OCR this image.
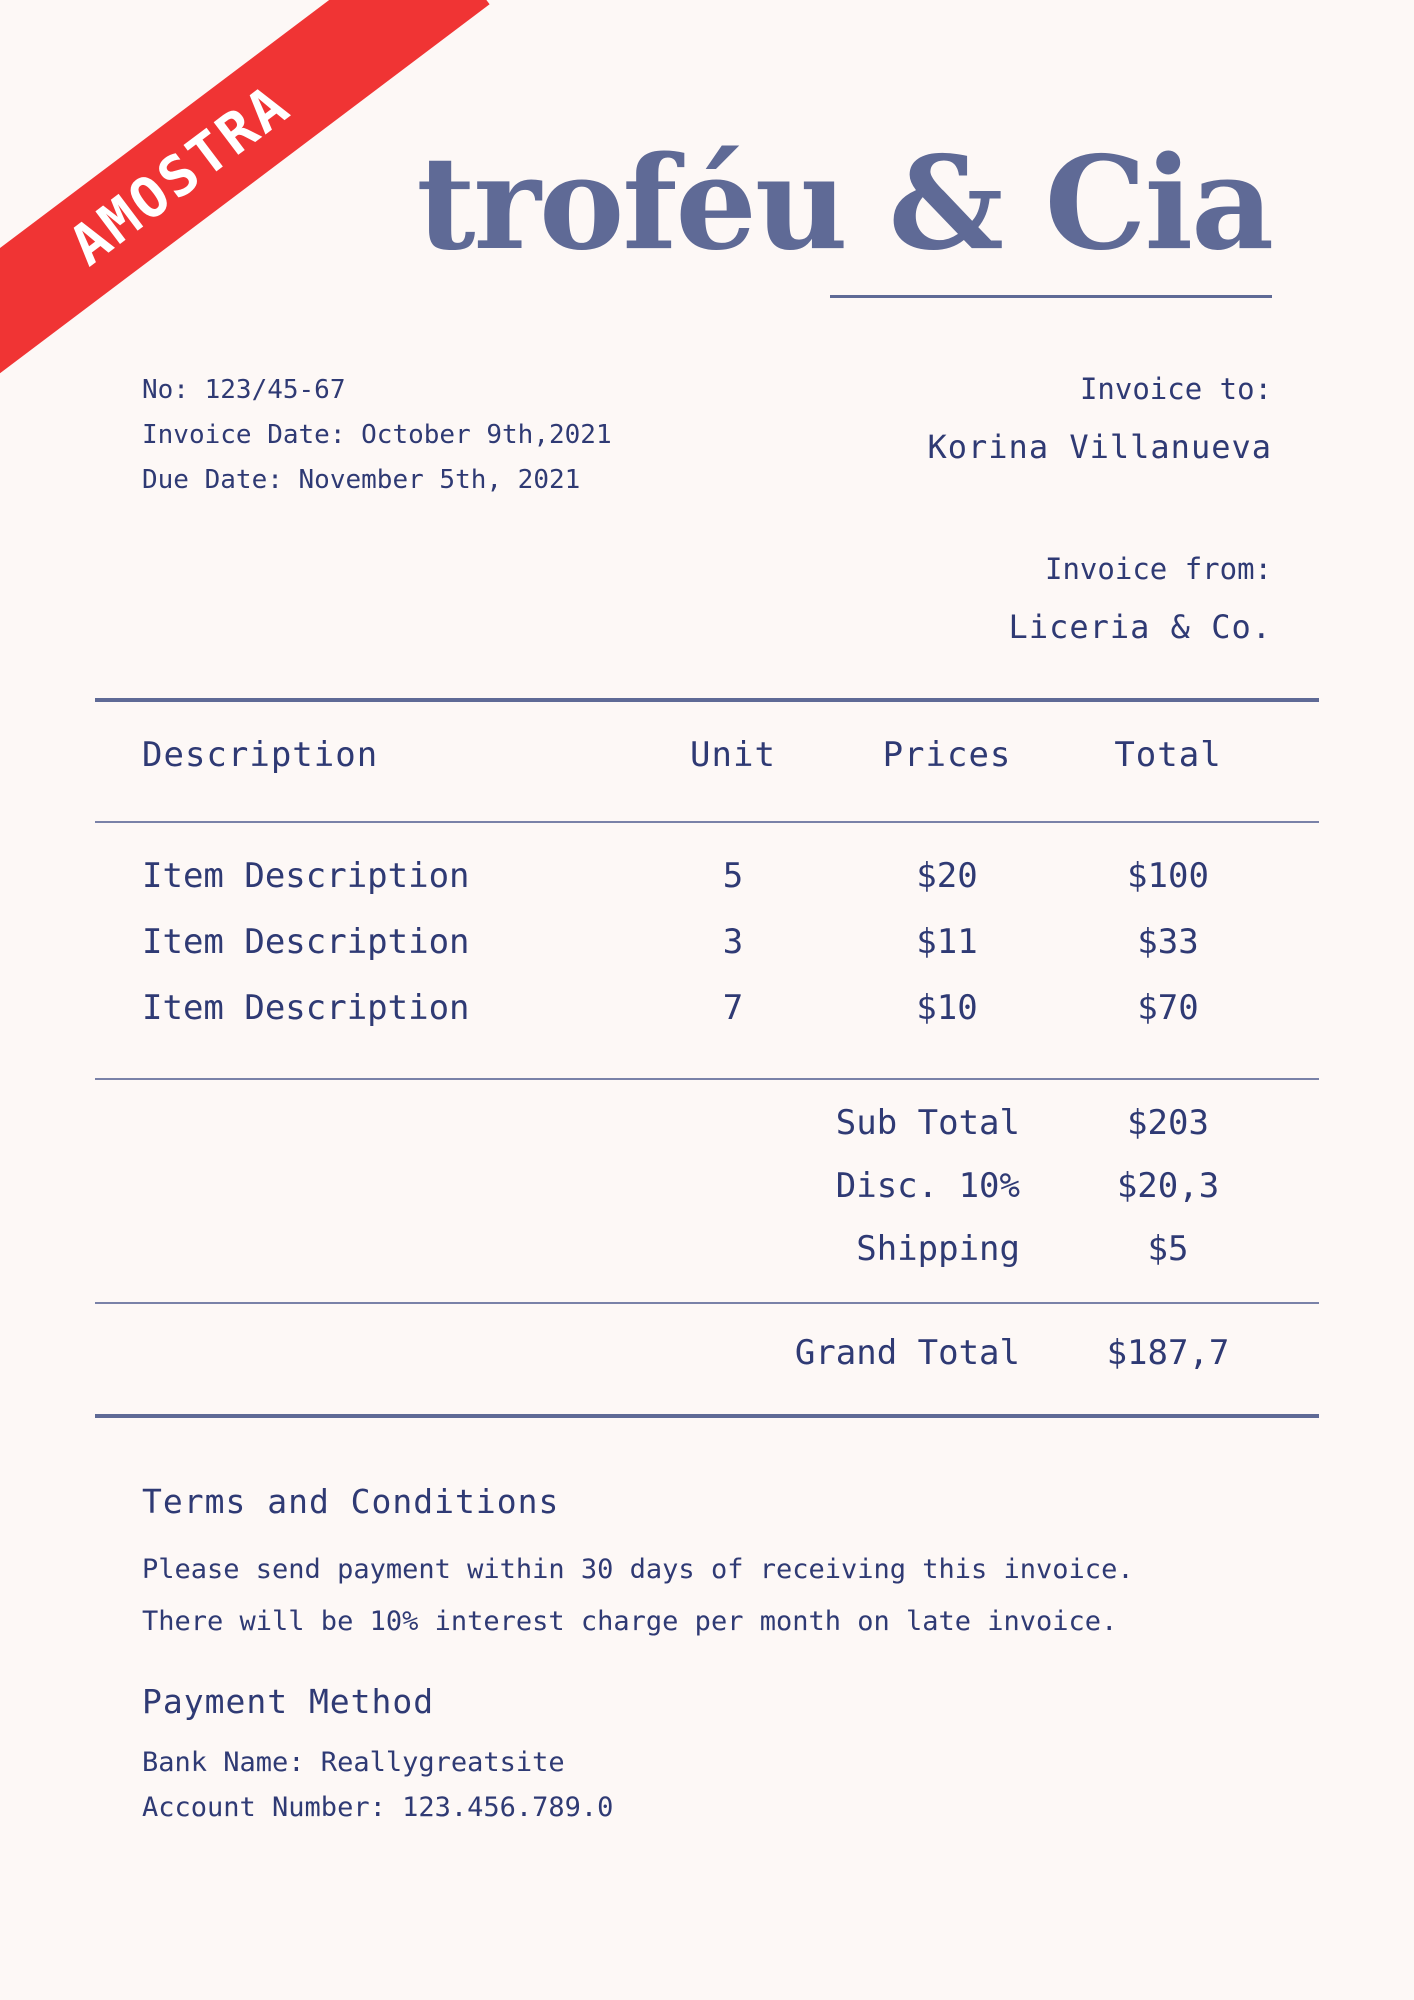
AMOSTRA troféu & Cia
No: 123/45-67
Invoice Date: October 9th,2021
Due Date: November 5th, 2021
Invoice to:
Korina Villanueva
Invoice from:
Liceria & Co.
Description	Unit	Prices	Total
Item Description	5	$20	$100
Item Description	3	$11	$33
Item Description	7	$10	$70
Sub Total	$203
Disc. 10%	$20,3
Shipping	$5
Grand Total	$187,7
Terms and Conditions
Please send payment within 30 days of receiving this invoice.
There will be 10% interest charge per month on late invoice.
Payment Method
Bank Name: Reallygreatsite
Account Number: 123.456.789.0
